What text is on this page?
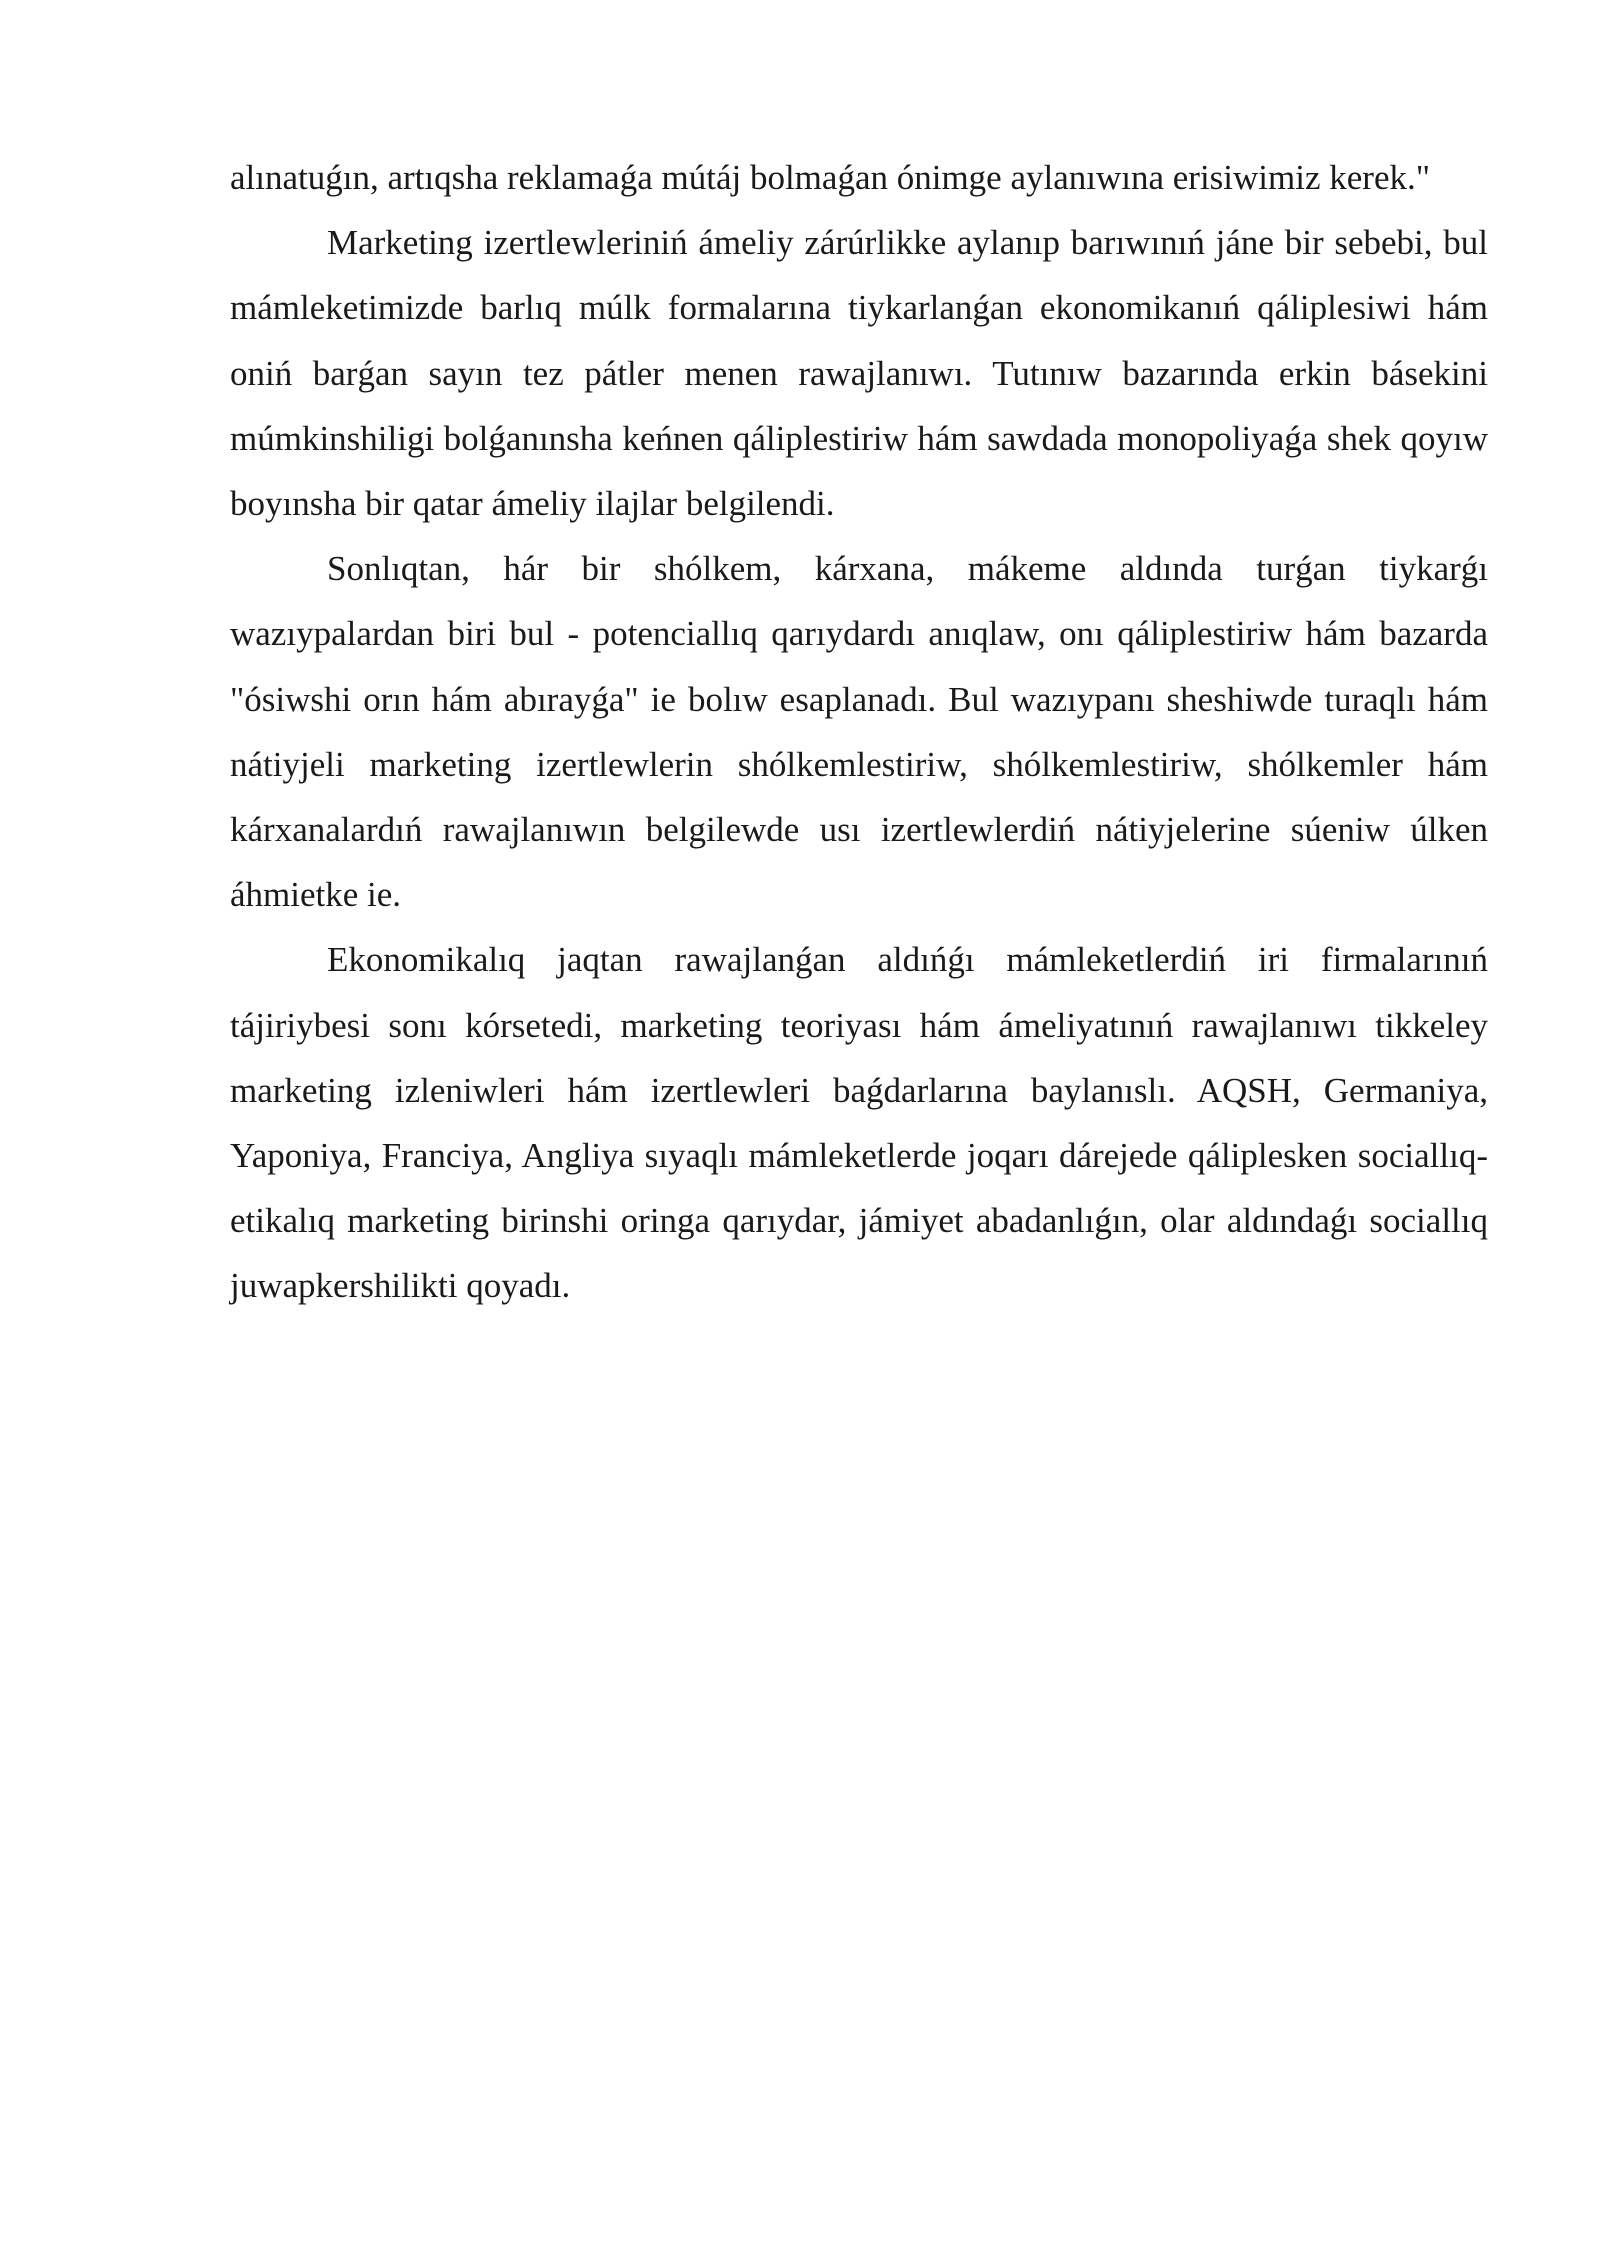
alınatuǵın, artıqsha reklamaǵa mútáj bolmaǵan ónimge aylanıwına erisiwimiz kerek."

Marketing izertlewleriniń ámeliy zárúrlikke aylanıp barıwınıń jáne bir sebebi, bul mámleketimizde barlıq múlk formalarına tiykarlanǵan ekonomikanıń qáliplesiwi hám oniń barǵan sayın tez pátler menen rawajlanıwı. Tutınıw bazarında erkin básekini múmkinshiligi bolǵanınsha keńnen qáliplestiriw hám sawdada monopoliyaǵa shek qoyıw boyınsha bir qatar ámeliy ilajlar belgilendi.

Sonlıqtan, hár bir shólkem, kárxana, mákeme aldında turǵan tiykarǵı wazıypalardan biri bul - potenciallıq qarıydardı anıqlaw, onı qáliplestiriw hám bazarda "ósiwshi orın hám abırayǵa" ie bolıw esaplanadı. Bul wazıypanı sheshiwde turaqlı hám nátiyjeli marketing izertlewlerin shólkemlestiriw, shólkemlestiriw, shólkemler hám kárxanalardıń rawajlanıwın belgilewde usı izertlewlerdiń nátiyjelerine súeniw úlken áhmietke ie.

Ekonomikalıq jaqtan rawajlanǵan aldıńǵı mámleketlerdiń iri firmalarınıń tájiriybesi sonı kórsetedi, marketing teoriyası hám ámeliyatınıń rawajlanıwı tikkeley marketing izleniwleri hám izertlewleri baǵdarlarına baylanıslı. AQSH, Germaniya, Yaponiya, Franciya, Angliya sıyaqlı mámleketlerde joqarı dárejede qáliplesken sociallıq-etikalıq marketing birinshi oringa qarıydar, jámiyet abadanlıǵın, olar aldındaǵı sociallıq juwapkershilikti qoyadı.
